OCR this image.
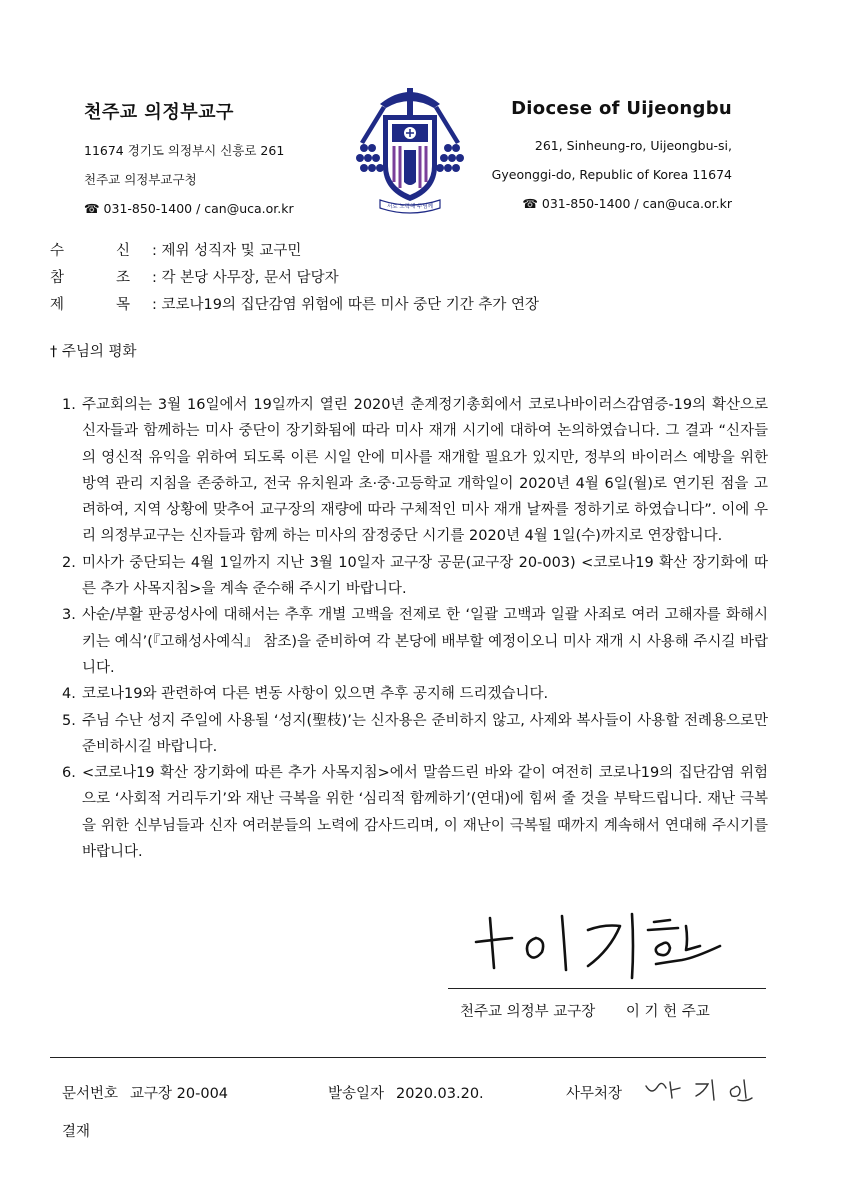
천주교 의정부교구
11674 경기도 의정부시 신흥로 261
천주교 의정부교구청
☎ 031-850-1400 / can@uca.or.kr	서로 노력해 주님께
Diocese of Uijeongbu
261, Sinheung-ro, Uijeongbu-si,
Gyeonggi-do, Republic of Korea 11674
☎ 031-850-1400 / can@uca.or.kr
수	신 : 제위 성직자 및 교구민
참	조 : 각 본당 사무장, 문서 담당자
제	목 : 코로나19의 집단감염 위험에 따른 미사 중단 기간 추가 연장
† 주님의 평화
1. 주교회의는 3월 16일에서 19일까지 열린 2020년 춘계정기총회에서 코로나바이러스감염증-19의 확산으로 신자들과 함께하는 미사 중단이 장기화됨에 따라 미사 재개 시기에 대하여 논의하였습니다. 그 결과 “신자들의 영신적 유익을 위하여 되도록 이른 시일 안에 미사를 재개할 필요가 있지만, 정부의 바이러스 예방을 위한 방역 관리 지침을 존중하고, 전국 유치원과 초·중·고등학교 개학일이 2020년 4월 6일(월)로 연기된 점을 고려하여, 지역 상황에 맞추어 교구장의 재량에 따라 구체적인 미사 재개 날짜를 정하기로 하였습니다”. 이에 우리 의정부교구는 신자들과 함께 하는 미사의 잠정중단 시기를 2020년 4월 1일(수)까지로 연장합니다.
2. 미사가 중단되는 4월 1일까지 지난 3월 10일자 교구장 공문(교구장 20-003) <코로나19 확산 장기화에 따른 추가 사목지침>을 계속 준수해 주시기 바랍니다.
3. 사순/부활 판공성사에 대해서는 추후 개별 고백을 전제로 한 ‘일괄 고백과 일괄 사죄로 여러 고해자를 화해시키는 예식’(『고해성사예식』 참조)을 준비하여 각 본당에 배부할 예정이오니 미사 재개 시 사용해 주시길 바랍니다.
4. 코로나19와 관련하여 다른 변동 사항이 있으면 추후 공지해 드리겠습니다.
5. 주님 수난 성지 주일에 사용될 ‘성지(聖枝)’는 신자용은 준비하지 않고, 사제와 복사들이 사용할 전례용으로만 준비하시길 바랍니다.
6. <코로나19 확산 장기화에 따른 추가 사목지침>에서 말씀드린 바와 같이 여전히 코로나19의 집단감염 위험으로 ‘사회적 거리두기’와 재난 극복을 위한 ‘심리적 함께하기’(연대)에 힘써 줄 것을 부탁드립니다. 재난 극복을 위한 신부님들과 신자 여러분들의 노력에 감사드리며, 이 재난이 극복될 때까지 계속해서 연대해 주시기를 바랍니다.
천주교 의정부 교구장 이 기 헌 주교
문서번호 교구장 20-004	발송일자 2020.03.20.	사무처장
결재
